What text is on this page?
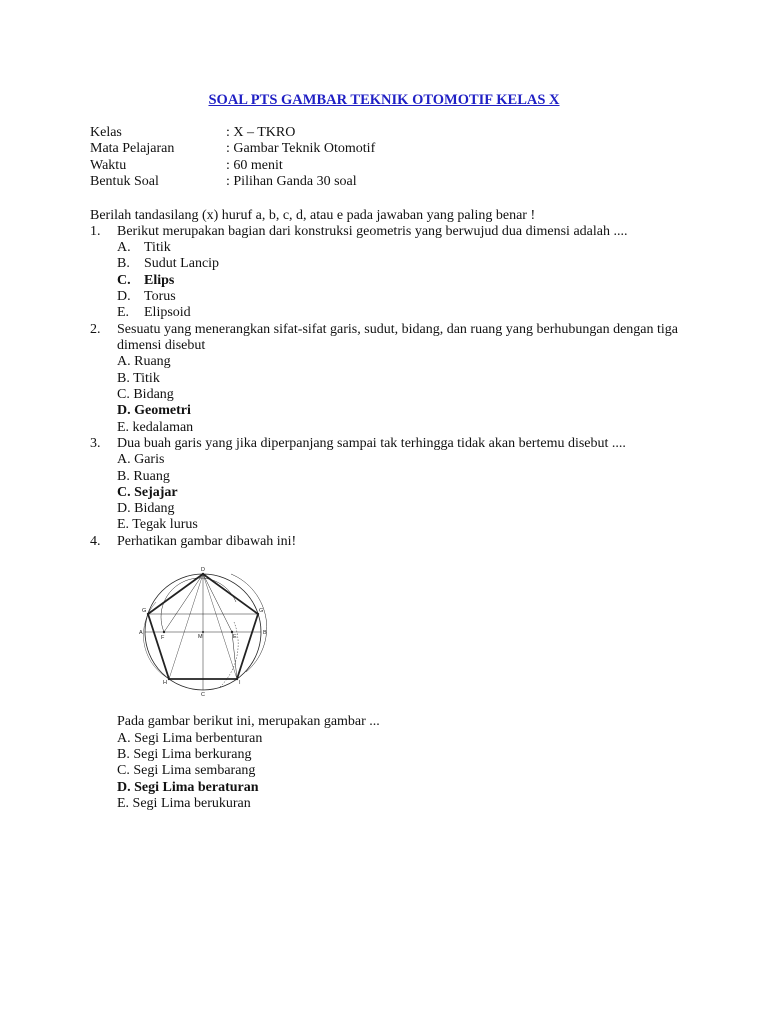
SOAL PTS GAMBAR TEKNIK OTOMOTIF KELAS X
Kelas	: X – TKRO
Mata Pelajaran	: Gambar Teknik Otomotif
Waktu	: 60 menit
Bentuk Soal	: Pilihan Ganda 30 soal
Berilah tandasilang (x) huruf a, b, c, d, atau e pada jawaban yang paling benar !
1. Berikut merupakan bagian dari konstruksi geometris yang berwujud dua dimensi adalah ....
A. Titik
B. Sudut Lancip
C. Elips
D. Torus
E. Elipsoid
2. Sesuatu yang menerangkan sifat-sifat garis, sudut, bidang, dan ruang yang berhubungan dengan tiga
dimensi disebut
A. Ruang
B. Titik
C. Bidang
D. Geometri
E. kedalaman
3. Dua buah garis yang jika diperpanjang sampai tak terhingga tidak akan bertemu disebut ....
A. Garis
B. Ruang
C. Sejajar
D. Bidang
E. Tegak lurus
4. Perhatikan gambar dibawah ini!
D
G	G
A
F	M	E
B
H	I
C
Pada gambar berikut ini, merupakan gambar ...
A. Segi Lima berbenturan
B. Segi Lima berkurang
C. Segi Lima sembarang
D. Segi Lima beraturan
E. Segi Lima berukuran
